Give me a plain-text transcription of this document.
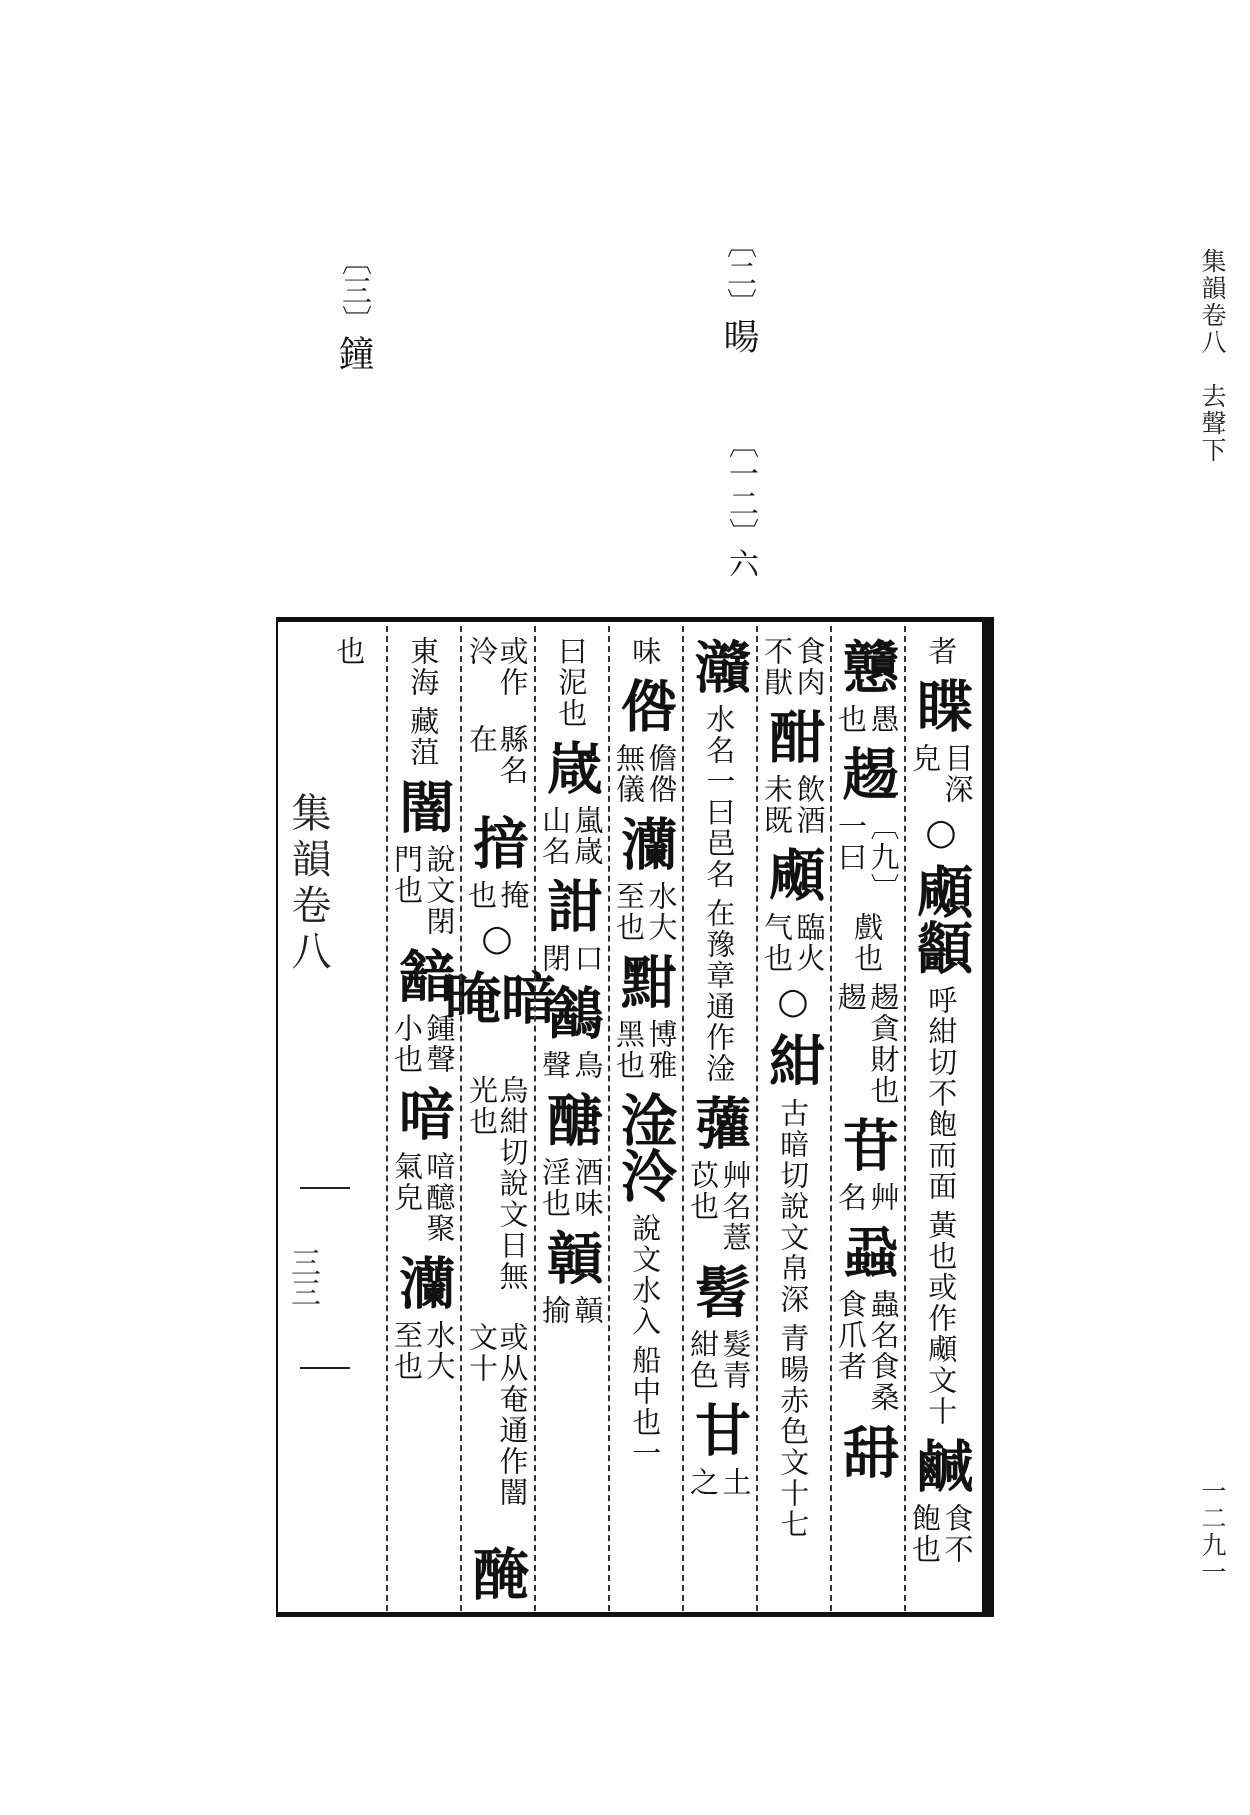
集韻卷八　去聲下
一二九一
〔三〕鐘
〔二〕暘
〔一二〕六
集韻卷八
三三
者
䁋
目深
皃
○
顑顲
呼紺切不飽而面
黃也或作顑文十
鹹
食不
飽也
戇
愚
也
䞶
〔九〕
一曰
戲也
䞶貪財也
䞶
苷
艸
名
蝨
蟲名食桑
食爪者
䑙
食肉
不猒
酣
飲酒
未既
顑
臨火
气也
○
紺
古暗切說文帛深
青暘赤色文十七
灨
水名一曰邑名
在豫章通作淦
虇
艸名薏
苡也
髫
髮青
紺色
甘
土
之
味
倃
儋倃
無儀
灡
水大
至也
黚
博雅
黑也
淦泠
說文水入
船中也一
曰泥也
嵅
嵐嵅
山名
詌
口
閉
䳺
鳥
聲
醣
酒味
淫也
贑
贑
揄
或作泠
縣名在
揞
掩
也
○
暗晻
烏紺切說文日無光也
或从奄通作闇文十
醃
東海
藏菹
闇
說文閉
門也
韽
鍾聲
小也
喑
喑醷聚
氣皃
灡
水大
至也
也
